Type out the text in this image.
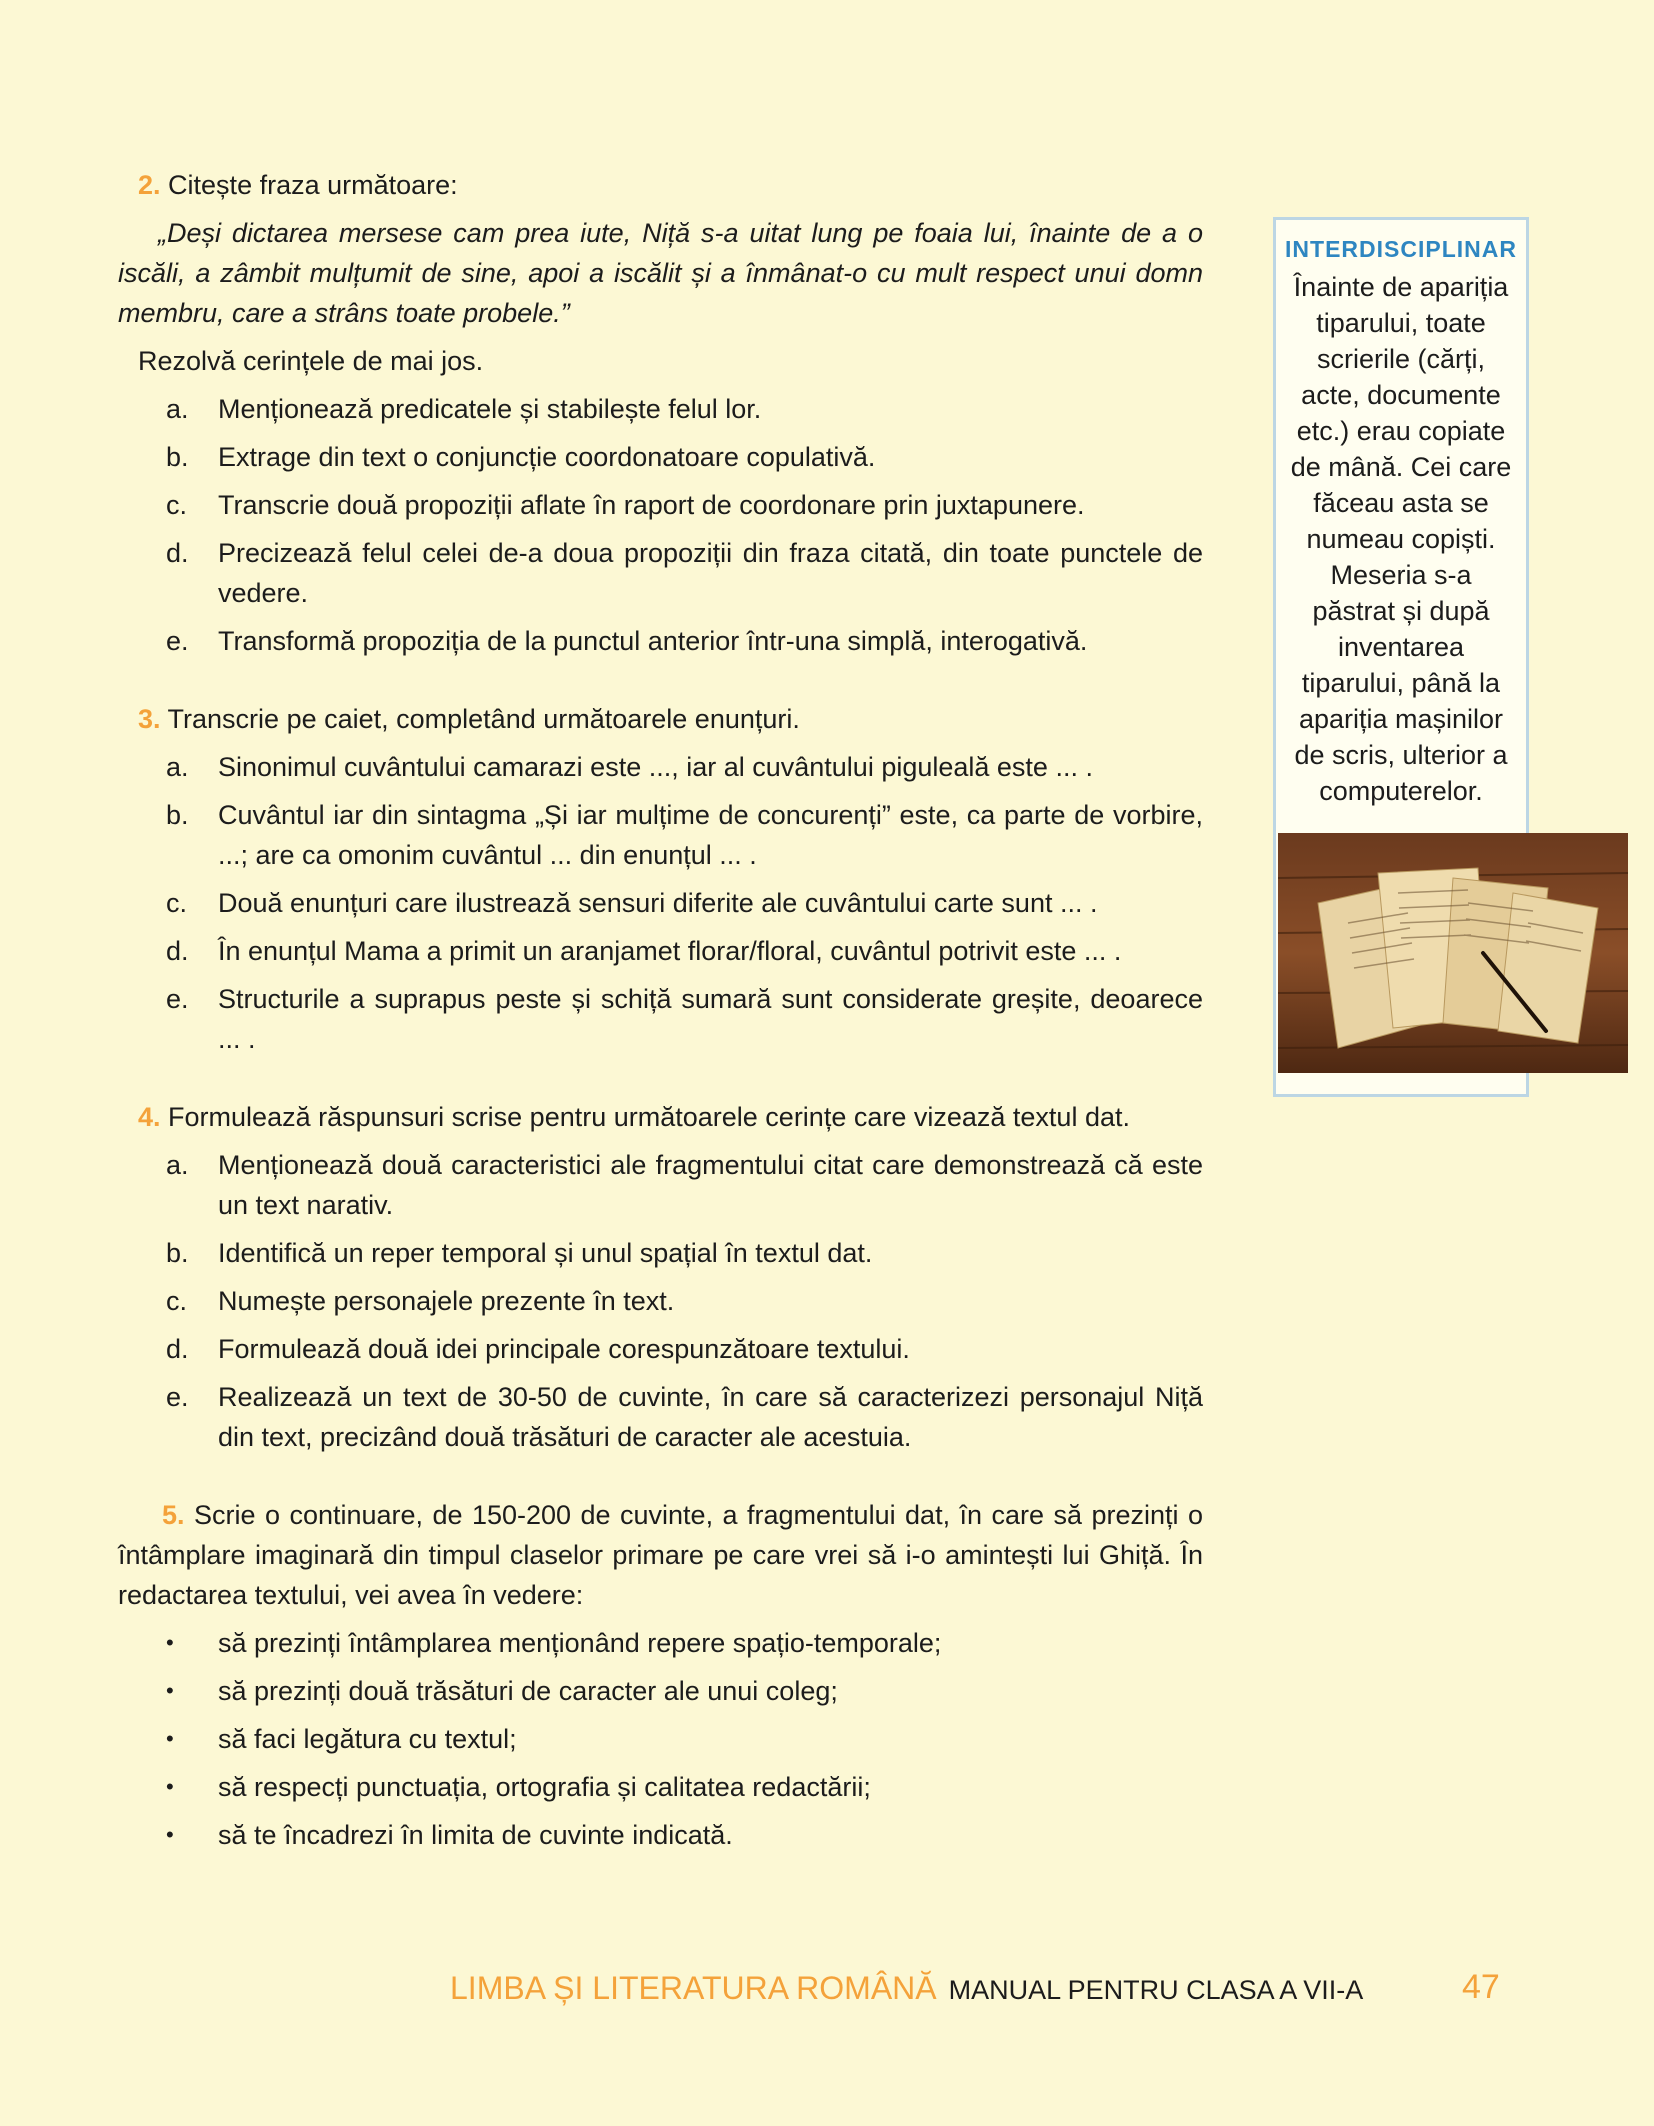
2. Citește fraza următoare:
„Deși dictarea mersese cam prea iute, Niță s-a uitat lung pe foaia lui, înainte de a o iscăli, a zâmbit mulțumit de sine, apoi a iscălit și a înmânat-o cu mult respect unui domn membru, care a strâns toate probele.”
Rezolvă cerințele de mai jos.
a.	Menționează predicatele și stabilește felul lor.
b.	Extrage din text o conjuncție coordonatoare copulativă.
c.	Transcrie două propoziții aflate în raport de coordonare prin juxtapunere.
d.	Precizează felul celei de-a doua propoziții din fraza citată, din toate punctele de vedere.
e.	Transformă propoziția de la punctul anterior într-una simplă, interogativă.
3. Transcrie pe caiet, completând următoarele enunțuri.
a.	Sinonimul cuvântului camarazi este ..., iar al cuvântului piguleală este ... .
b.	Cuvântul iar din sintagma „Și iar mulțime de concurenți” este, ca parte de vorbire, ...; are ca omonim cuvântul ... din enunțul ... .
c.	Două enunțuri care ilustrează sensuri diferite ale cuvântului carte sunt ... .
d.	În enunțul Mama a primit un aranjamet florar/floral, cuvântul potrivit este ... .
e.	Structurile a suprapus peste și schiță sumară sunt considerate greșite, deoarece ... .
4. Formulează răspunsuri scrise pentru următoarele cerințe care vizează textul dat.
a.	Menționează două caracteristici ale fragmentului citat care demonstrează că este un text narativ.
b.	Identifică un reper temporal și unul spațial în textul dat.
c.	Numește personajele prezente în text.
d.	Formulează două idei principale corespunzătoare textului.
e.	Realizează un text de 30-50 de cuvinte, în care să caracterizezi personajul Niță din text, precizând două trăsături de caracter ale acestuia.
5. Scrie o continuare, de 150-200 de cuvinte, a fragmentului dat, în care să prezinți o întâmplare imaginară din timpul claselor primare pe care vrei să i-o amintești lui Ghiță. În redactarea textului, vei avea în vedere:
•	să prezinți întâmplarea menționând repere spațio-temporale;
•	să prezinți două trăsături de caracter ale unui coleg;
•	să faci legătura cu textul;
•	să respecți punctuația, ortografia și calitatea redactării;
•	să te încadrezi în limita de cuvinte indicată.
INTERDISCIPLINAR
Înainte de apariția tiparului, toate scrierile (cărți, acte, documente etc.) erau copiate de mână. Cei care făceau asta se numeau copiști. Meseria s-a păstrat și după inventarea tiparului, până la apariția mașinilor de scris, ulterior a computerelor.
LIMBA ȘI LITERATURA ROMÂNĂ MANUAL PENTRU CLASA A VII-A	47
